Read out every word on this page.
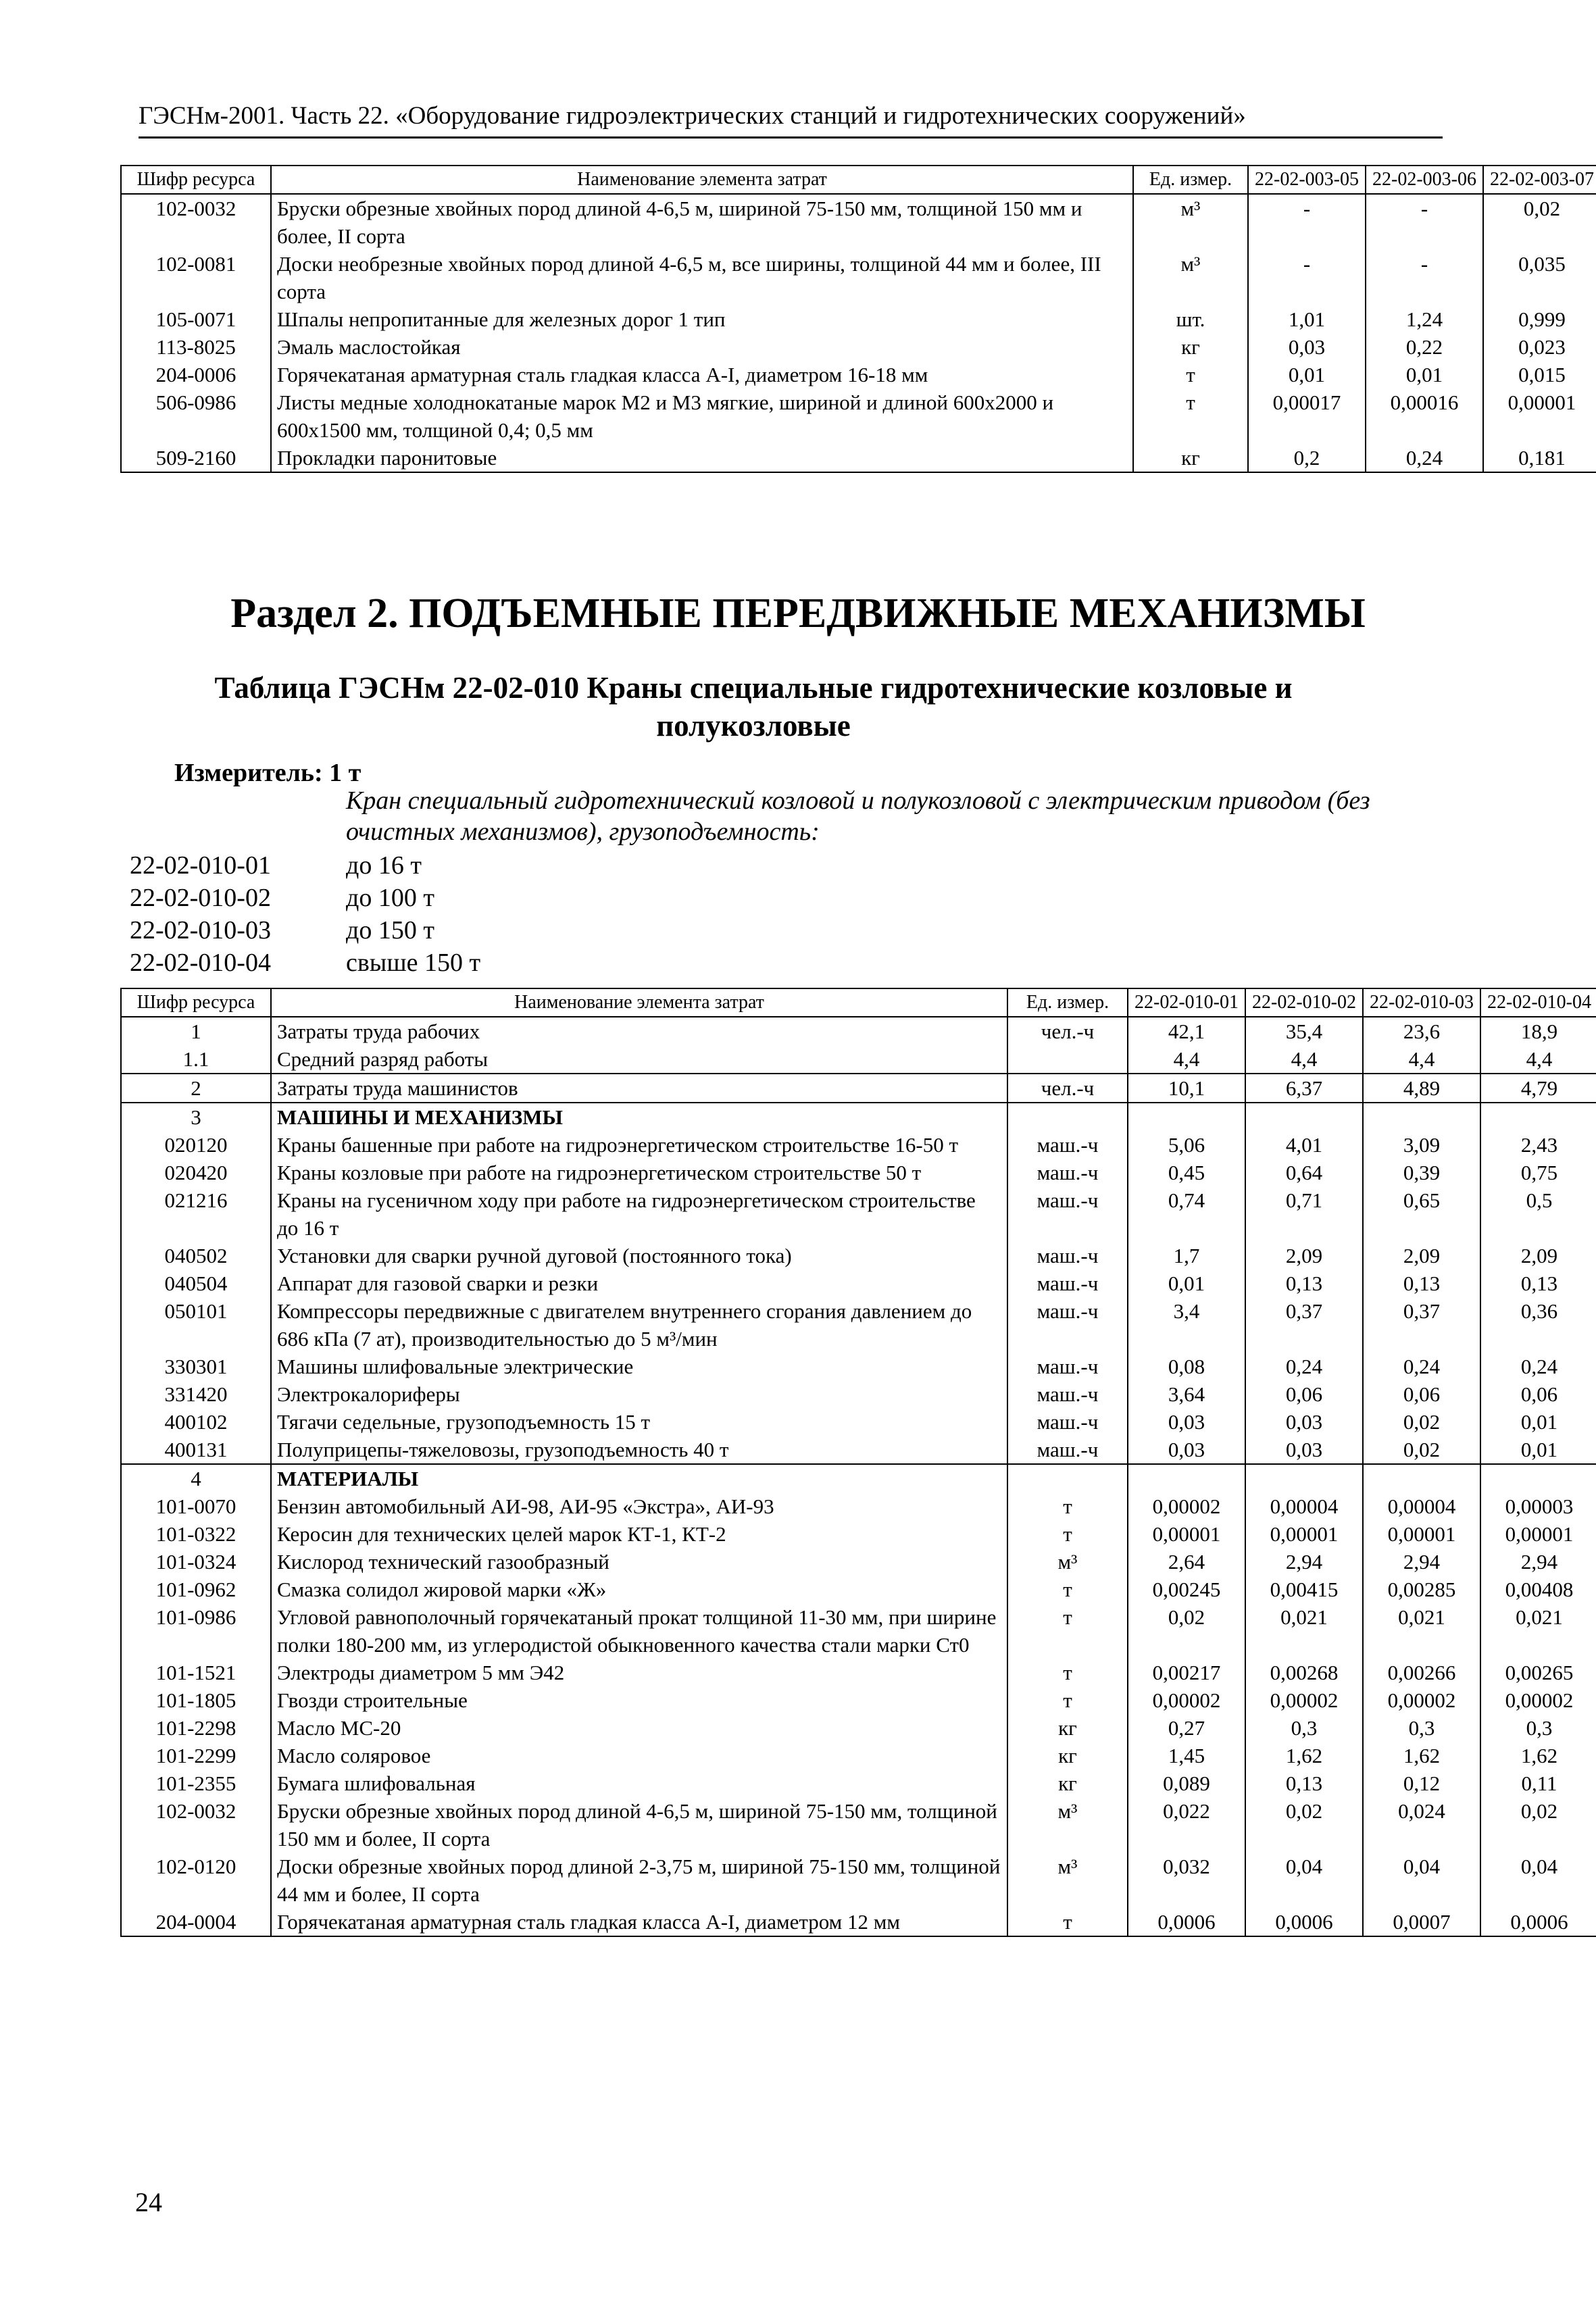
ГЭСНм-2001. Часть 22. «Оборудование гидроэлектрических станций и гидротехнических сооружений»
Шифр ресурса	Наименование элемента затрат	Ед. измер.	22-02-003-05	22-02-003-06	22-02-003-07
102-0032	Бруски обрезные хвойных пород длиной 4-6,5 м, шириной 75-150 мм, толщиной 150 мм и более, II сорта	м³	-	-	0,02
102-0081	Доски необрезные хвойных пород длиной 4-6,5 м, все ширины, толщиной 44 мм и более, III сорта	м³	-	-	0,035
105-0071	Шпалы непропитанные для железных дорог 1 тип	шт.	1,01	1,24	0,999
113-8025	Эмаль маслостойкая	кг	0,03	0,22	0,023
204-0006	Горячекатаная арматурная сталь гладкая класса А-I, диаметром 16-18 мм	т	0,01	0,01	0,015
506-0986	Листы медные холоднокатаные марок М2 и М3 мягкие, шириной и длиной 600х2000 и 600х1500 мм, толщиной 0,4; 0,5 мм	т	0,00017	0,00016	0,00001
509-2160	Прокладки паронитовые	кг	0,2	0,24	0,181
Раздел 2. ПОДЪЕМНЫЕ ПЕРЕДВИЖНЫЕ МЕХАНИЗМЫ
Таблица ГЭСНм 22-02-010 Краны специальные гидротехнические козловые и полукозловые
Измеритель: 1 т
Кран специальный гидротехнический козловой и полукозловой с электрическим приводом (без очистных механизмов), грузоподъемность:
22-02-010-01	до 16 т
22-02-010-02	до 100 т
22-02-010-03	до 150 т
22-02-010-04	свыше 150 т
Шифр ресурса	Наименование элемента затрат	Ед. измер.	22-02-010-01	22-02-010-02	22-02-010-03	22-02-010-04
1	Затраты труда рабочих	чел.-ч	42,1	35,4	23,6	18,9
1.1	Средний разряд работы		4,4	4,4	4,4	4,4
2	Затраты труда машинистов	чел.-ч	10,1	6,37	4,89	4,79
3	МАШИНЫ И МЕХАНИЗМЫ					
020120	Краны башенные при работе на гидроэнергетическом строительстве 16-50 т	маш.-ч	5,06	4,01	3,09	2,43
020420	Краны козловые при работе на гидроэнергетическом строительстве 50 т	маш.-ч	0,45	0,64	0,39	0,75
021216	Краны на гусеничном ходу при работе на гидроэнергетическом строительстве до 16 т	маш.-ч	0,74	0,71	0,65	0,5
040502	Установки для сварки ручной дуговой (постоянного тока)	маш.-ч	1,7	2,09	2,09	2,09
040504	Аппарат для газовой сварки и резки	маш.-ч	0,01	0,13	0,13	0,13
050101	Компрессоры передвижные с двигателем внутреннего сгорания давлением до 686 кПа (7 ат), производительностью до 5 м³/мин	маш.-ч	3,4	0,37	0,37	0,36
330301	Машины шлифовальные электрические	маш.-ч	0,08	0,24	0,24	0,24
331420	Электрокалориферы	маш.-ч	3,64	0,06	0,06	0,06
400102	Тягачи седельные, грузоподъемность 15 т	маш.-ч	0,03	0,03	0,02	0,01
400131	Полуприцепы-тяжеловозы, грузоподъемность 40 т	маш.-ч	0,03	0,03	0,02	0,01
4	МАТЕРИАЛЫ					
101-0070	Бензин автомобильный АИ-98, АИ-95 «Экстра», АИ-93	т	0,00002	0,00004	0,00004	0,00003
101-0322	Керосин для технических целей марок КТ-1, КТ-2	т	0,00001	0,00001	0,00001	0,00001
101-0324	Кислород технический газообразный	м³	2,64	2,94	2,94	2,94
101-0962	Смазка солидол жировой марки «Ж»	т	0,00245	0,00415	0,00285	0,00408
101-0986	Угловой равнополочный горячекатаный прокат толщиной 11-30 мм, при ширине полки 180-200 мм, из углеродистой обыкновенного качества стали марки Ст0	т	0,02	0,021	0,021	0,021
101-1521	Электроды диаметром 5 мм Э42	т	0,00217	0,00268	0,00266	0,00265
101-1805	Гвозди строительные	т	0,00002	0,00002	0,00002	0,00002
101-2298	Масло МС-20	кг	0,27	0,3	0,3	0,3
101-2299	Масло соляровое	кг	1,45	1,62	1,62	1,62
101-2355	Бумага шлифовальная	кг	0,089	0,13	0,12	0,11
102-0032	Бруски обрезные хвойных пород длиной 4-6,5 м, шириной 75-150 мм, толщиной 150 мм и более, II сорта	м³	0,022	0,02	0,024	0,02
102-0120	Доски обрезные хвойных пород длиной 2-3,75 м, шириной 75-150 мм, толщиной 44 мм и более, II сорта	м³	0,032	0,04	0,04	0,04
204-0004	Горячекатаная арматурная сталь гладкая класса А-I, диаметром 12 мм	т	0,0006	0,0006	0,0007	0,0006
24
